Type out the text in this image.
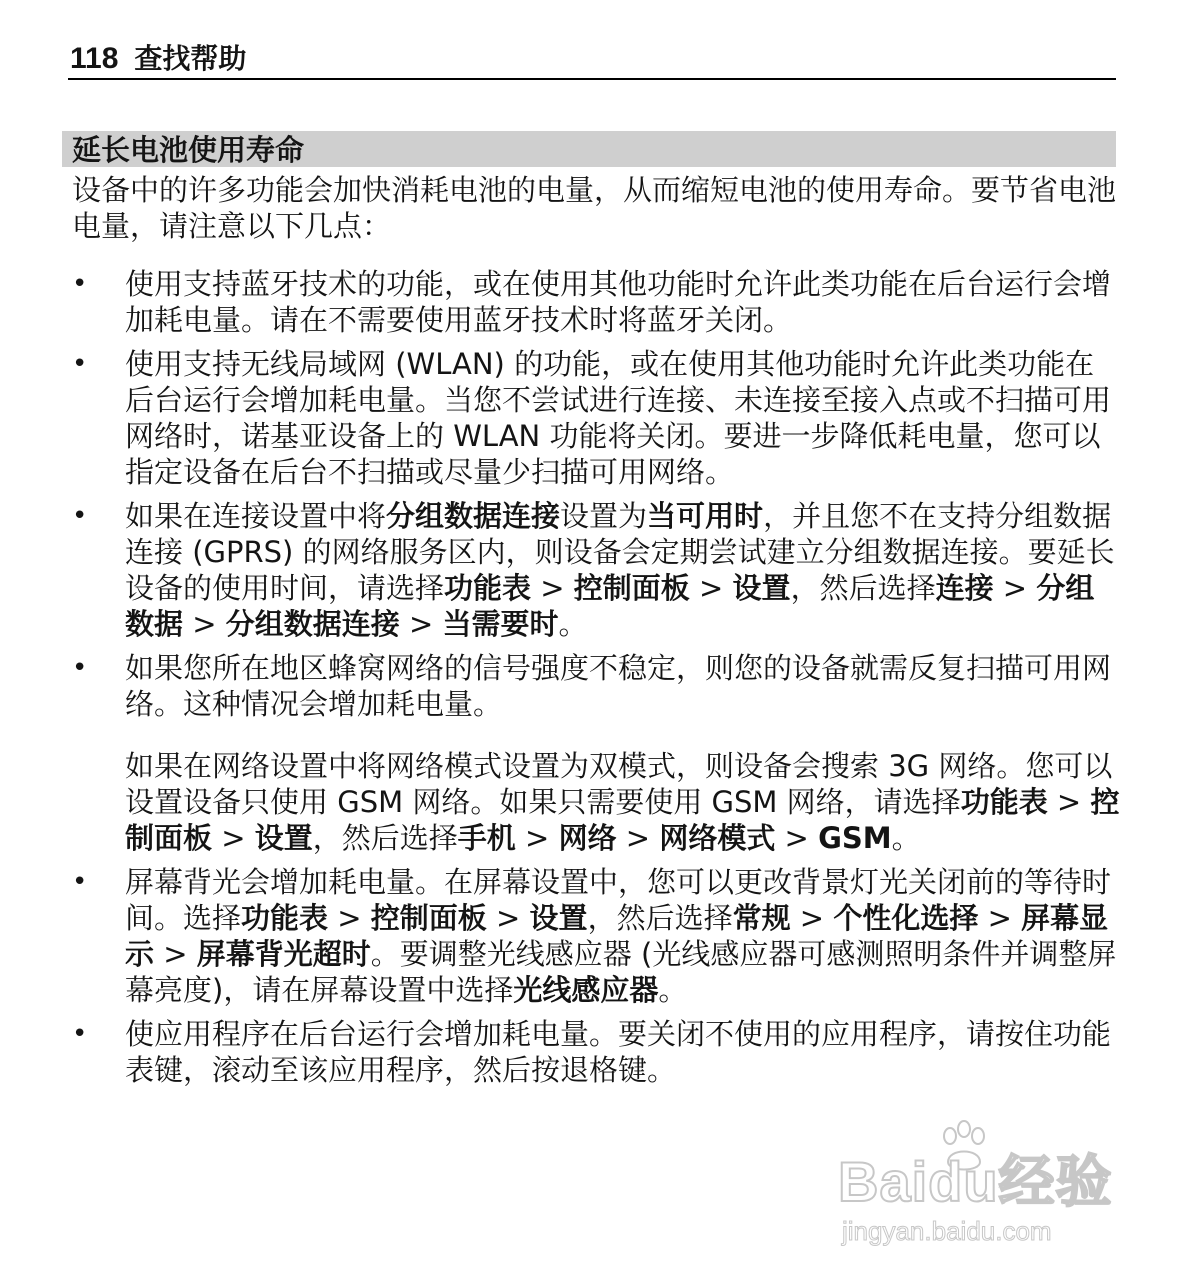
118 查找帮助
延长电池使用寿命

设备中的许多功能会加快消耗电池的电量，从而缩短电池的使用寿命。要节省电池电量，请注意以下几点：

• 使用支持蓝牙技术的功能，或在使用其他功能时允许此类功能在后台运行会增加耗电量。请在不需要使用蓝牙技术时将蓝牙关闭。
• 使用支持无线局域网 (WLAN) 的功能，或在使用其他功能时允许此类功能在后台运行会增加耗电量。当您不尝试进行连接、未连接至接入点或不扫描可用网络时，诺基亚设备上的 WLAN 功能将关闭。要进一步降低耗电量，您可以指定设备在后台不扫描或尽量少扫描可用网络。
• 如果在连接设置中将分组数据连接设置为当可用时，并且您不在支持分组数据连接 (GPRS) 的网络服务区内，则设备会定期尝试建立分组数据连接。要延长设备的使用时间，请选择功能表 > 控制面板 > 设置，然后选择连接 > 分组数据 > 分组数据连接 > 当需要时。
• 如果您所在地区蜂窝网络的信号强度不稳定，则您的设备就需反复扫描可用网络。这种情况会增加耗电量。
如果在网络设置中将网络模式设置为双模式，则设备会搜索 3G 网络。您可以设置设备只使用 GSM 网络。如果只需要使用 GSM 网络，请选择功能表 > 控制面板 > 设置，然后选择手机 > 网络 > 网络模式 > GSM。
• 屏幕背光会增加耗电量。在屏幕设置中，您可以更改背景灯光关闭前的等待时间。选择功能表 > 控制面板 > 设置，然后选择常规 > 个性化选择 > 屏幕显示 > 屏幕背光超时。要调整光线感应器 (光线感应器可感测照明条件并调整屏幕亮度)，请在屏幕设置中选择光线感应器。
• 使应用程序在后台运行会增加耗电量。要关闭不使用的应用程序，请按住功能表键，滚动至该应用程序，然后按退格键。
Baidu经验
jingyan.baidu.com
